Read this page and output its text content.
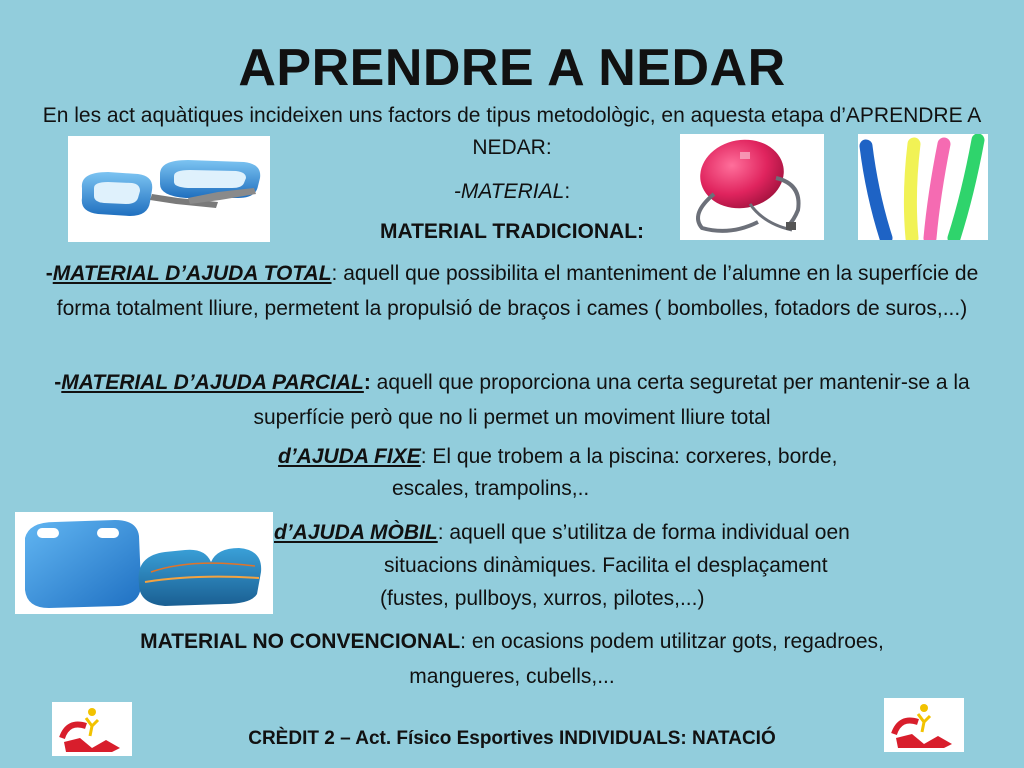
APRENDRE A NEDAR
En les act aquàtiques incideixen uns factors de tipus metodològic, en aquesta etapa d’APRENDRE A NEDAR:
-MATERIAL:
MATERIAL TRADICIONAL:
-MATERIAL D’AJUDA TOTAL: aquell que possibilita el manteniment de l’alumne en la superfície de forma totalment lliure, permetent la propulsió de braços i cames ( bombolles, fotadors de suros,...)
-MATERIAL D’AJUDA PARCIAL: aquell que proporciona una certa seguretat per mantenir-se a la superfície però que no li permet un moviment lliure total
d’AJUDA FIXE: El que trobem a la piscina: corxeres, borde,
escales, trampolins,..
d’AJUDA MÒBIL: aquell que s’utilitza de forma individual oen
situacions dinàmiques. Facilita el desplaçament
(fustes, pullboys, xurros, pilotes,...)
MATERIAL NO CONVENCIONAL: en ocasions podem utilitzar gots, regadroes, mangueres, cubells,...
CRÈDIT 2 – Act. Físico Esportives INDIVIDUALS: NATACIÓ
